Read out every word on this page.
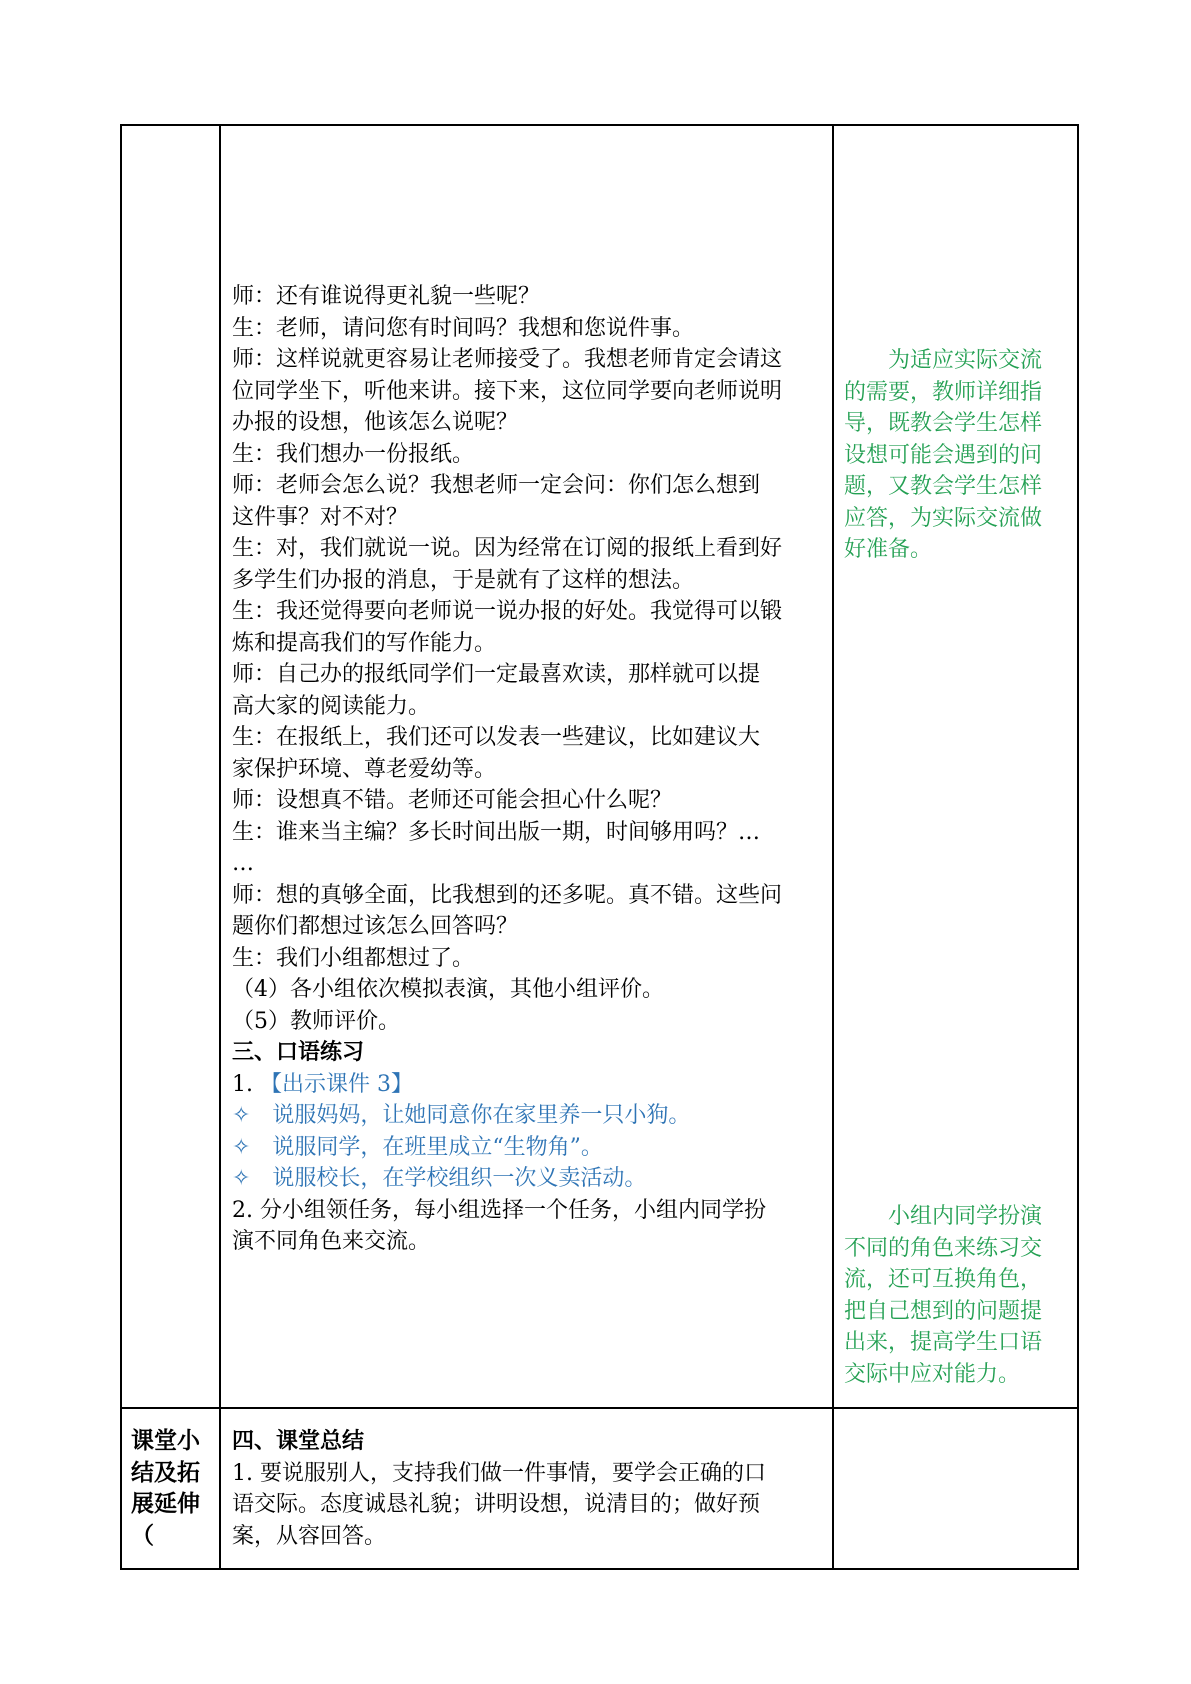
师：还有谁说得更礼貌一些呢？

生：老师，请问您有时间吗？我想和您说件事。

师：这样说就更容易让老师接受了。我想老师肯定会请这

位同学坐下，听他来讲。接下来，这位同学要向老师说明

办报的设想，他该怎么说呢？

生：我们想办一份报纸。

师：老师会怎么说？我想老师一定会问：你们怎么想到

这件事？对不对？

生：对，我们就说一说。因为经常在订阅的报纸上看到好

多学生们办报的消息，于是就有了这样的想法。

生：我还觉得要向老师说一说办报的好处。我觉得可以锻

炼和提高我们的写作能力。

师：自己办的报纸同学们一定最喜欢读，那样就可以提

高大家的阅读能力。

生：在报纸上，我们还可以发表一些建议，比如建议大

家保护环境、尊老爱幼等。

师：设想真不错。老师还可能会担心什么呢？

生：谁来当主编？多长时间出版一期，时间够用吗？…

…

师：想的真够全面，比我想到的还多呢。真不错。这些问

题你们都想过该怎么回答吗？

生：我们小组都想过了。

（4）各小组依次模拟表演，其他小组评价。

（5）教师评价。

三、口语练习

1. 【出示课件 3】

✧　说服妈妈，让她同意你在家里养一只小狗。

✧　说服同学，在班里成立“生物角”。

✧　说服校长，在学校组织一次义卖活动。

2. 分小组领任务，每小组选择一个任务，小组内同学扮

演不同角色来交流。

　　为适应实际交流

的需要，教师详细指

导，既教会学生怎样

设想可能会遇到的问

题，又教会学生怎样

应答，为实际交流做

好准备。

　　小组内同学扮演

不同的角色来练习交

流，还可互换角色，

把自己想到的问题提

出来，提高学生口语

交际中应对能力。

课堂小

结及拓

展延伸

（

四、课堂总结

1. 要说服别人，支持我们做一件事情，要学会正确的口

语交际。态度诚恳礼貌；讲明设想，说清目的；做好预

案，从容回答。
